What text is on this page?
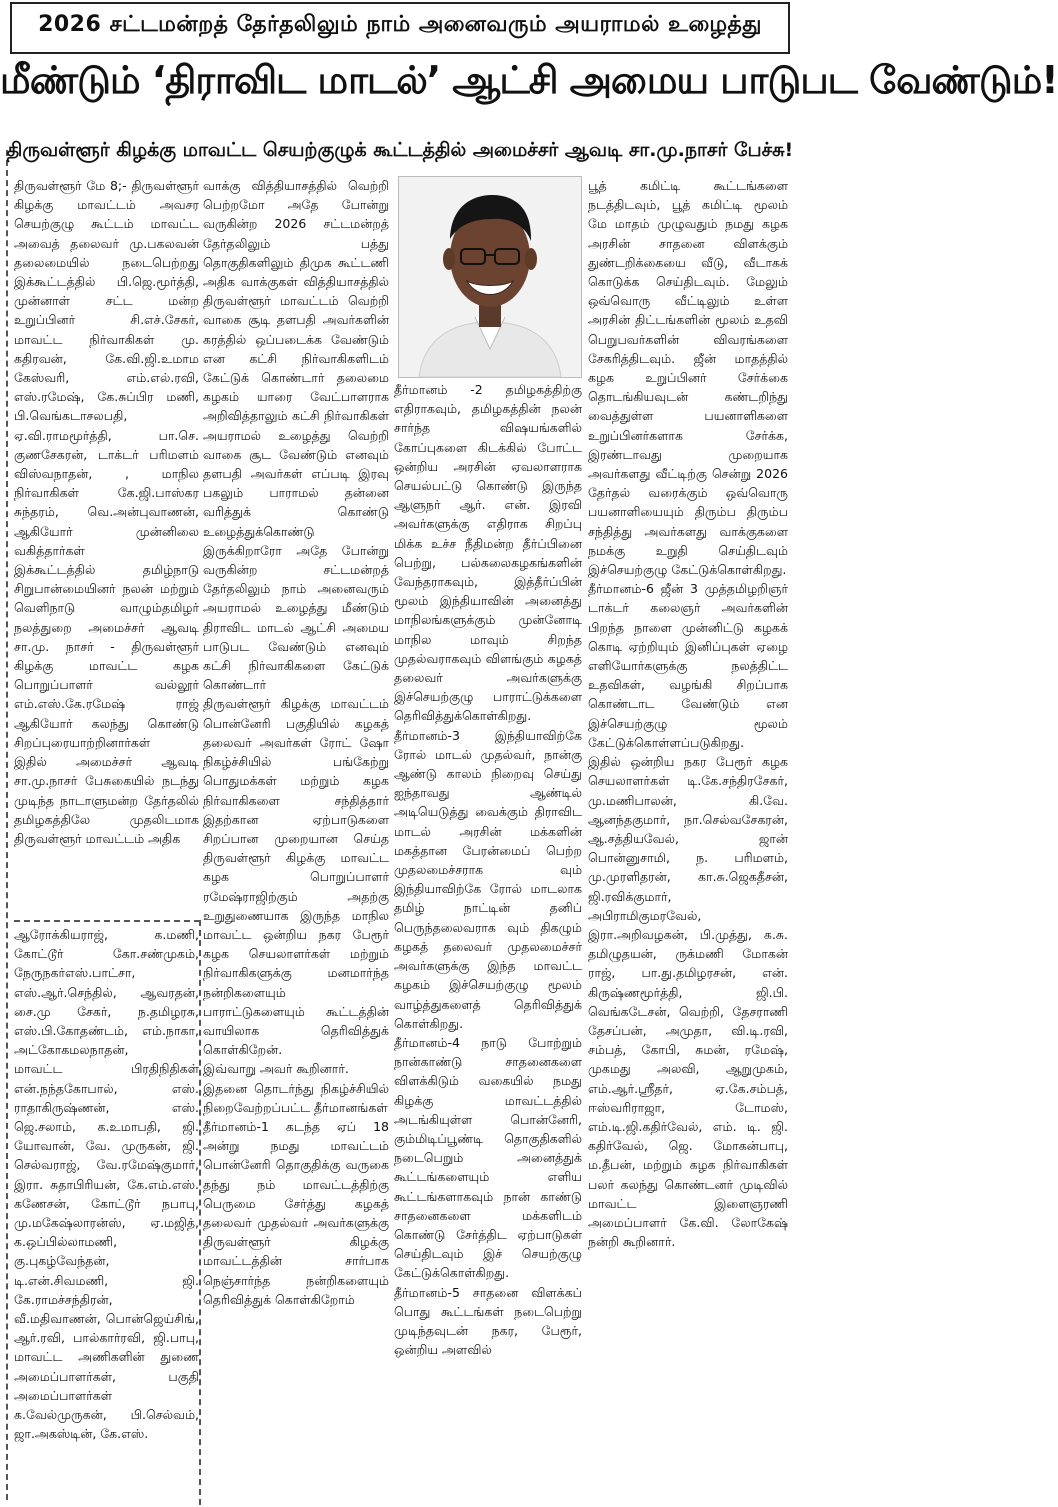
2026 சட்டமன்றத் தேர்தலிலும் நாம் அனைவரும் அயராமல் உழைத்து
மீண்டும் ‘திராவிட மாடல்’ ஆட்சி அமைய பாடுபட வேண்டும்!
திருவள்ளூர் கிழக்கு மாவட்ட செயற்குழுக் கூட்டத்தில் அமைச்சர் ஆவடி சா.மு.நாசர் பேச்சு!

திருவள்ளூர் மே 8;- திருவள்ளூர் கிழக்கு மாவட்டம் அவசர செயற்குழு கூட்டம் மாவட்ட அவைத் தலைவர் மு.பகலவன் தலைமையில் நடைபெற்றது இக்கூட்டத்தில் பி.ஜெ.மூர்த்தி, முன்னாள் சட்ட மன்ற உறுப்பினர் சி.எச்.சேகர், மாவட்ட நிர்வாகிகள் மு. கதிரவன், கே.வி.ஜி.உமாம கேஸ்வரி, எம்.எல்.ரவி, எஸ்.ரமேஷ், கே.சுப்பிர மணி, பி.வெங்கடாசலபதி, ஏ.வி.ராமமூர்த்தி, பா.செ. குணசேகரன், டாக்டர் பரிமளம் விஸ்வநாதன், , மாநில நிர்வாகிகள் கே.ஜி.பாஸ்கர சுந்தரம், வெ.அன்புவாணன், ஆகியோர் முன்னிலை வகித்தார்கள்

இக்கூட்டத்தில் தமிழ்நாடு சிறுபான்மையினர் நலன் மற்றும் வெளிநாடு வாழும்தமிழர் நலத்துறை அமைச்சர் ஆவடி சா.மு. நாசர் - திருவள்ளூர் கிழக்கு மாவட்ட கழக பொறுப்பாளர் வல்லூர் எம்.எஸ்.கே.ரமேஷ் ராஜ் ஆகியோர் கலந்து கொண்டு சிறப்புரையாற்றினார்கள்

இதில் அமைச்சர் ஆவடி சா.மு.நாசர் பேசுகையில் நடந்து முடிந்த நாடாளுமன்ற தேர்தலில் தமிழகத்திலே முதலிடமாக திருவள்ளூர் மாவட்டம் அதிக

ஆரோக்கியராஜ், க.மணி, கோட்டூர் கோ.சண்முகம், நேருநகர்எஸ்.பாட்சா, எஸ்.ஆர்.செந்தில், ஆவரதன், சை.மு சேகர், ந.தமிழரசு, எஸ்.பி.கோதண்டம், எம்.நாகா, அட்கோகமலநாதன்,

மாவட்ட பிரதிநிதிகள் என்.நந்தகோபால், எஸ். ராதாகிருஷ்ணன், எஸ். ஜெ.சலாம், க.உமாபதி, ஜி. யோவான், வே. முருகன், ஜி. செல்வராஜ், வே.ரமேஷ்குமார், இரா. சுதாபிரியன், கே.எம்.எஸ். கணேசன், கோட்டூர் நபாபு, மு.மகேஷ்லாரன்ஸ், ஏ.மஜித், க.ஒப்பில்லாமணி, கு.புகழ்வேந்தன், டி.என்.சிவமணி, ஜி. கே.ராமச்சந்திரன், வீ.மதிவாணன், பொன்ஜெய்சிங், ஆர்.ரவி, பால்கார்ரவி, ஜி.பாபு, மாவட்ட அணிகளின் துணை அமைப்பாளர்கள், பகுதி அமைப்பாளர்கள் க.வேல்முருகன், பி.செல்வம், ஜா.அகஸ்டின், கே.எஸ்.

வாக்கு வித்தியாசத்தில் வெற்றி பெற்றமோ அதே போன்று வருகின்ற 2026 சட்டமன்றத் தேர்தலிலும் பத்து தொகுதிகளிலும் திமுக கூட்டணி அதிக வாக்குகள் வித்தியாசத்தில் திருவள்ளூர் மாவட்டம் வெற்றி வாகை சூடி தளபதி அவர்களின் கரத்தில் ஒப்படைக்க வேண்டும் என கட்சி நிர்வாகிகளிடம் கேட்டுக் கொண்டார் தலைமை கழகம் யாரை வேட்பாளராக அறிவித்தாலும் கட்சி நிர்வாகிகள் அயராமல் உழைத்து வெற்றி வாகை சூட வேண்டும் எனவும் தளபதி அவர்கள் எப்படி இரவு பகலும் பாராமல் தன்னை வரித்துக் கொண்டு உழைத்துக்கொண்டு இருக்கிறாரோ அதே போன்று வருகின்ற சட்டமன்றத் தேர்தலிலும் நாம் அனைவரும் அயராமல் உழைத்து மீண்டும் திராவிட மாடல் ஆட்சி அமைய பாடுபட வேண்டும் எனவும் கட்சி நிர்வாகிகளை கேட்டுக் கொண்டார்

திருவள்ளூர் கிழக்கு மாவட்டம் பொன்னேரி பகுதியில் கழகத் தலைவர் அவர்கள் ரோட் ஷோ நிகழ்ச்சியில் பங்கேற்று பொதுமக்கள் மற்றும் கழக நிர்வாகிகளை சந்தித்தார் இதற்கான ஏற்பாடுகளை சிறப்பான முறையான செய்த திருவள்ளூர் கிழக்கு மாவட்ட கழக பொறுப்பாளர் ரமேஷ்ராஜிற்கும் அதற்கு உறுதுணையாக இருந்த மாநில மாவட்ட ஒன்றிய நகர பேரூர் கழக செயலாளர்கள் மற்றும் நிர்வாகிகளுக்கு மனமார்ந்த நன்றிகளையும் பாராட்டுகளையும் கூட்டத்தின் வாயிலாக தெரிவித்துக் கொள்கிறேன்.

இவ்வாறு அவர் கூறினார்.

இதனை தொடர்ந்து நிகழ்ச்சியில் நிறைவேற்றப்பட்ட தீர்மானங்கள்

தீர்மானம்-1 கடந்த ஏப் 18 அன்று நமது மாவட்டம் பொன்னேரி தொகுதிக்கு வருகை தந்து நம் மாவட்டத்திற்கு பெருமை சேர்த்து கழகத் தலைவர் முதல்வர் அவர்களுக்கு திருவள்ளூர் கிழக்கு மாவட்டத்தின் சார்பாக நெஞ்சார்ந்த நன்றிகளையும் தெரிவித்துக் கொள்கிறோம்

தீர்மானம் -2 தமிழகத்திற்கு எதிராகவும், தமிழகத்தின் நலன் சார்ந்த விஷயங்களில் கோப்புகளை கிடக்கில் போட்ட ஒன்றிய அரசின் ஏவலாளராக செயல்பட்டு கொண்டு இருந்த ஆளுநர் ஆர். என். இரவி அவர்களுக்கு எதிராக சிறப்பு மிக்க உச்ச நீதிமன்ற தீர்ப்பினை பெற்று, பல்கலைகழகங்களின் வேந்தராகவும், இத்தீர்ப்பின் மூலம் இந்தியாவின் அனைத்து மாநிலங்களுக்கும் முன்னோடி மாநில மாவும் சிறந்த முதல்வராகவும் விளங்கும் கழகத் தலைவர் அவர்களுக்கு இச்செயற்குழு பாராட்டுக்களை தெரிவித்துக்கொள்கிறது.

தீர்மானம்-3 இந்தியாவிற்கே ரோல் மாடல் முதல்வர், நான்கு ஆண்டு காலம் நிறைவு செய்து ஐந்தாவது ஆண்டில் அடியெடுத்து வைக்கும் திராவிட மாடல் அரசின் மக்களின் மகத்தான பேரன்மைப் பெற்ற முதலமைச்சராக வும் இந்தியாவிற்கே ரோல் மாடலாக தமிழ் நாட்டின் தனிப் பெருந்தலைவராக வும் திகழும் கழகத் தலைவர் முதலமைச்சர் அவர்களுக்கு இந்த மாவட்ட கழகம் இச்செயற்குழு மூலம் வாழ்த்துகளைத் தெரிவித்துக் கொள்கிறது.

தீர்மானம்-4 நாடு போற்றும் நான்காண்டு சாதனைகளை விளக்கிடும் வகையில் நமது கிழக்கு மாவட்டத்தில் அடங்கியுள்ள பொன்னேரி, கும்மிடிப்பூண்டி தொகுதிகளில் நடைபெறும் அனைத்துக் கூட்டங்களையும் எளிய கூட்டங்களாகவும் நான் காண்டு சாதனைகளை மக்களிடம் கொண்டு சேர்த்திட ஏற்பாடுகள் செய்திடவும் இச் செயற்குழு கேட்டுக்கொள்கிறது.

தீர்மானம்-5 சாதனை விளக்கப் பொது கூட்டங்கள் நடைபெற்று முடிந்தவுடன் நகர, பேரூர், ஒன்றிய அளவில்

பூத் கமிட்டி கூட்டங்களை நடத்திடவும், பூத் கமிட்டி மூலம் மே மாதம் முழுவதும் நமது கழக அரசின் சாதனை விளக்கும் துண்டறிக்கையை வீடு, வீடாகக் கொடுக்க செய்திடவும். மேலும் ஒவ்வொரு வீட்டிலும் உள்ள அரசின் திட்டங்களின் மூலம் உதவி பெறுபவர்களின் விவரங்களை சேகரித்திடவும். ஜீன் மாதத்தில் கழக உறுப்பினர் சேர்க்கை தொடங்கியவுடன் கண்டறிந்து வைத்துள்ள பயனாளிகளை உறுப்பினர்களாக சேர்க்க, இரண்டாவது முறையாக அவர்களது வீட்டிற்கு சென்று 2026 தேர்தல் வரைக்கும் ஒவ்வொரு பயனாளியையும் திரும்ப திரும்ப சந்தித்து அவர்களது வாக்குகளை நமக்கு உறுதி செய்திடவும் இச்செயற்குழு கேட்டுக்கொள்கிறது.

தீர்மானம்-6 ஜீன் 3 முத்தமிழறிஞர் டாக்டர் கலைஞர் அவர்களின் பிறந்த நாளை முன்னிட்டு கழகக் கொடி ஏற்றியும் இனிப்புகள் ஏழை எளியோர்களுக்கு நலத்திட்ட உதவிகள், வழங்கி சிறப்பாக கொண்டாட வேண்டும் என இச்செயற்குழு மூலம் கேட்டுக்கொள்ளப்படுகிறது.

இதில் ஒன்றிய நகர பேரூர் கழக செயலாளர்கள் டி.கே.சந்திரசேகர், மு.மணிபாலன், கி.வே. ஆனந்தகுமார், நா.செல்வசேகரன், ஆ.சத்தியவேல், ஜான் பொன்னுசாமி, ந. பரிமளம், மு.முரளிதரன், கா.சு.ஜெகதீசன், ஜி.ரவிக்குமார், அபிராமிகுமரவேல், இரா.அறிவழகன், பி.முத்து, க.சு. தமிழுதயன், ருக்மணி மோகன் ராஜ், பா.து.தமிழரசன், என். கிருஷ்ணமூர்த்தி, ஜி.பி. வெங்கடேசன், வெற்றி, தேசராணி தேசப்பன், அமுதா, வி.டி.ரவி, சம்பத், கோபி, சுமன், ரமேஷ், முகமது அலவி, ஆறுமுகம், எம்.ஆர்.ஸ்ரீதர், ஏ.கே.சம்பத், ஈஸ்வரிராஜா, டோமஸ், எம்.டி.ஜி.கதிர்வேல், எம். டி. ஜி. கதிர்வேல், ஜெ. மோகன்பாபு, ம.தீபன், மற்றும் கழக நிர்வாகிகள் பலர் கலந்து கொண்டனர் முடிவில் மாவட்ட இளைஞரணி அமைப்பாளர் கே.வி. லோகேஷ் நன்றி கூறினார்.
